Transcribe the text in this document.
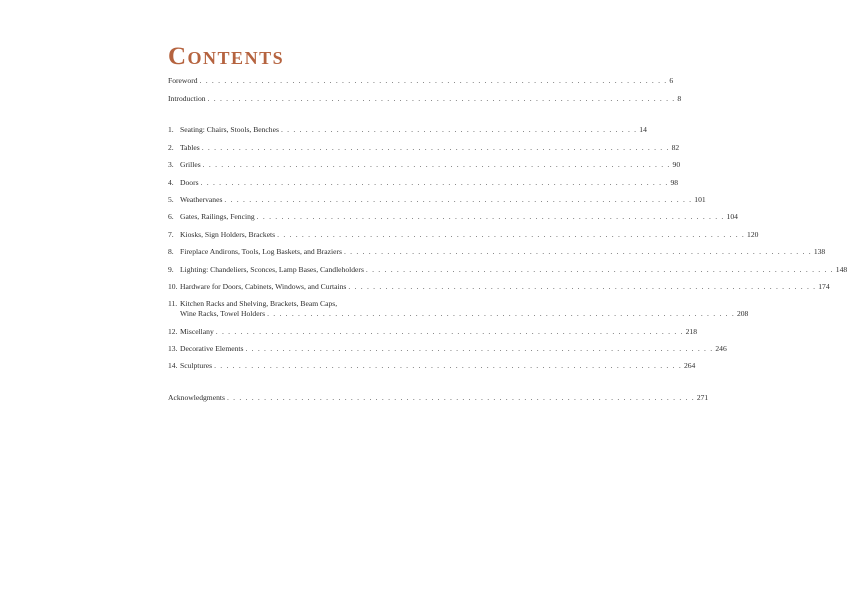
Contents
Foreword . . . . . . . . . . . . . . . . . . . . . . . . . . . . . . . . . . . . . . . . . . . . . . . . . . . . . . . . . . . . . . . . . . . . . . . . . . . . 6
Introduction . . . . . . . . . . . . . . . . . . . . . . . . . . . . . . . . . . . . . . . . . . . . . . . . . . . . . . . . . . . . . . . . . . . . . . . . . . . . 8
1. Seating: Chairs, Stools, Benches . . . . . . . . . . . . . . . . . . . . . . . . . . . . . . . . . . . . . . . . . . . . . . . . . . . . . . . . . . 14
2. Tables . . . . . . . . . . . . . . . . . . . . . . . . . . . . . . . . . . . . . . . . . . . . . . . . . . . . . . . . . . . . . . . . . . . . . . . . . . . . 82
3. Grilles . . . . . . . . . . . . . . . . . . . . . . . . . . . . . . . . . . . . . . . . . . . . . . . . . . . . . . . . . . . . . . . . . . . . . . . . . . . . 90
4. Doors . . . . . . . . . . . . . . . . . . . . . . . . . . . . . . . . . . . . . . . . . . . . . . . . . . . . . . . . . . . . . . . . . . . . . . . . . . . . 98
5. Weathervanes . . . . . . . . . . . . . . . . . . . . . . . . . . . . . . . . . . . . . . . . . . . . . . . . . . . . . . . . . . . . . . . . . . . . . . . . . . . . 101
6. Gates, Railings, Fencing . . . . . . . . . . . . . . . . . . . . . . . . . . . . . . . . . . . . . . . . . . . . . . . . . . . . . . . . . . . . . . . . . . . . . . . . . . . . 104
7. Kiosks, Sign Holders, Brackets . . . . . . . . . . . . . . . . . . . . . . . . . . . . . . . . . . . . . . . . . . . . . . . . . . . . . . . . . . . . . . . . . . . . . . . . . . . . 120
8. Fireplace Andirons, Tools, Log Baskets, and Braziers . . . . . . . . . . . . . . . . . . . . . . . . . . . . . . . . . . . . . . . . . . . . . . . . . . . . . . . . . . . . . . . . . . . . . . . . . . . . 138
9. Lighting: Chandeliers, Sconces, Lamp Bases, Candleholders . . . . . . . . . . . . . . . . . . . . . . . . . . . . . . . . . . . . . . . . . . . . . . . . . . . . . . . . . . . . . . . . . . . . . . . . . . . . 148
10. Hardware for Doors, Cabinets, Windows, and Curtains . . . . . . . . . . . . . . . . . . . . . . . . . . . . . . . . . . . . . . . . . . . . . . . . . . . . . . . . . . . . . . . . . . . . . . . . . . . . 174
11. Kitchen Racks and Shelving, Brackets, Beam Caps,
Wine Racks, Towel Holders . . . . . . . . . . . . . . . . . . . . . . . . . . . . . . . . . . . . . . . . . . . . . . . . . . . . . . . . . . . . . . . . . . . . . . . . . . . . 208
12. Miscellany . . . . . . . . . . . . . . . . . . . . . . . . . . . . . . . . . . . . . . . . . . . . . . . . . . . . . . . . . . . . . . . . . . . . . . . . . . . . 218
13. Decorative Elements . . . . . . . . . . . . . . . . . . . . . . . . . . . . . . . . . . . . . . . . . . . . . . . . . . . . . . . . . . . . . . . . . . . . . . . . . . . . 246
14. Sculptures . . . . . . . . . . . . . . . . . . . . . . . . . . . . . . . . . . . . . . . . . . . . . . . . . . . . . . . . . . . . . . . . . . . . . . . . . . . . 264
Acknowledgments . . . . . . . . . . . . . . . . . . . . . . . . . . . . . . . . . . . . . . . . . . . . . . . . . . . . . . . . . . . . . . . . . . . . . . . . . . . . 271
